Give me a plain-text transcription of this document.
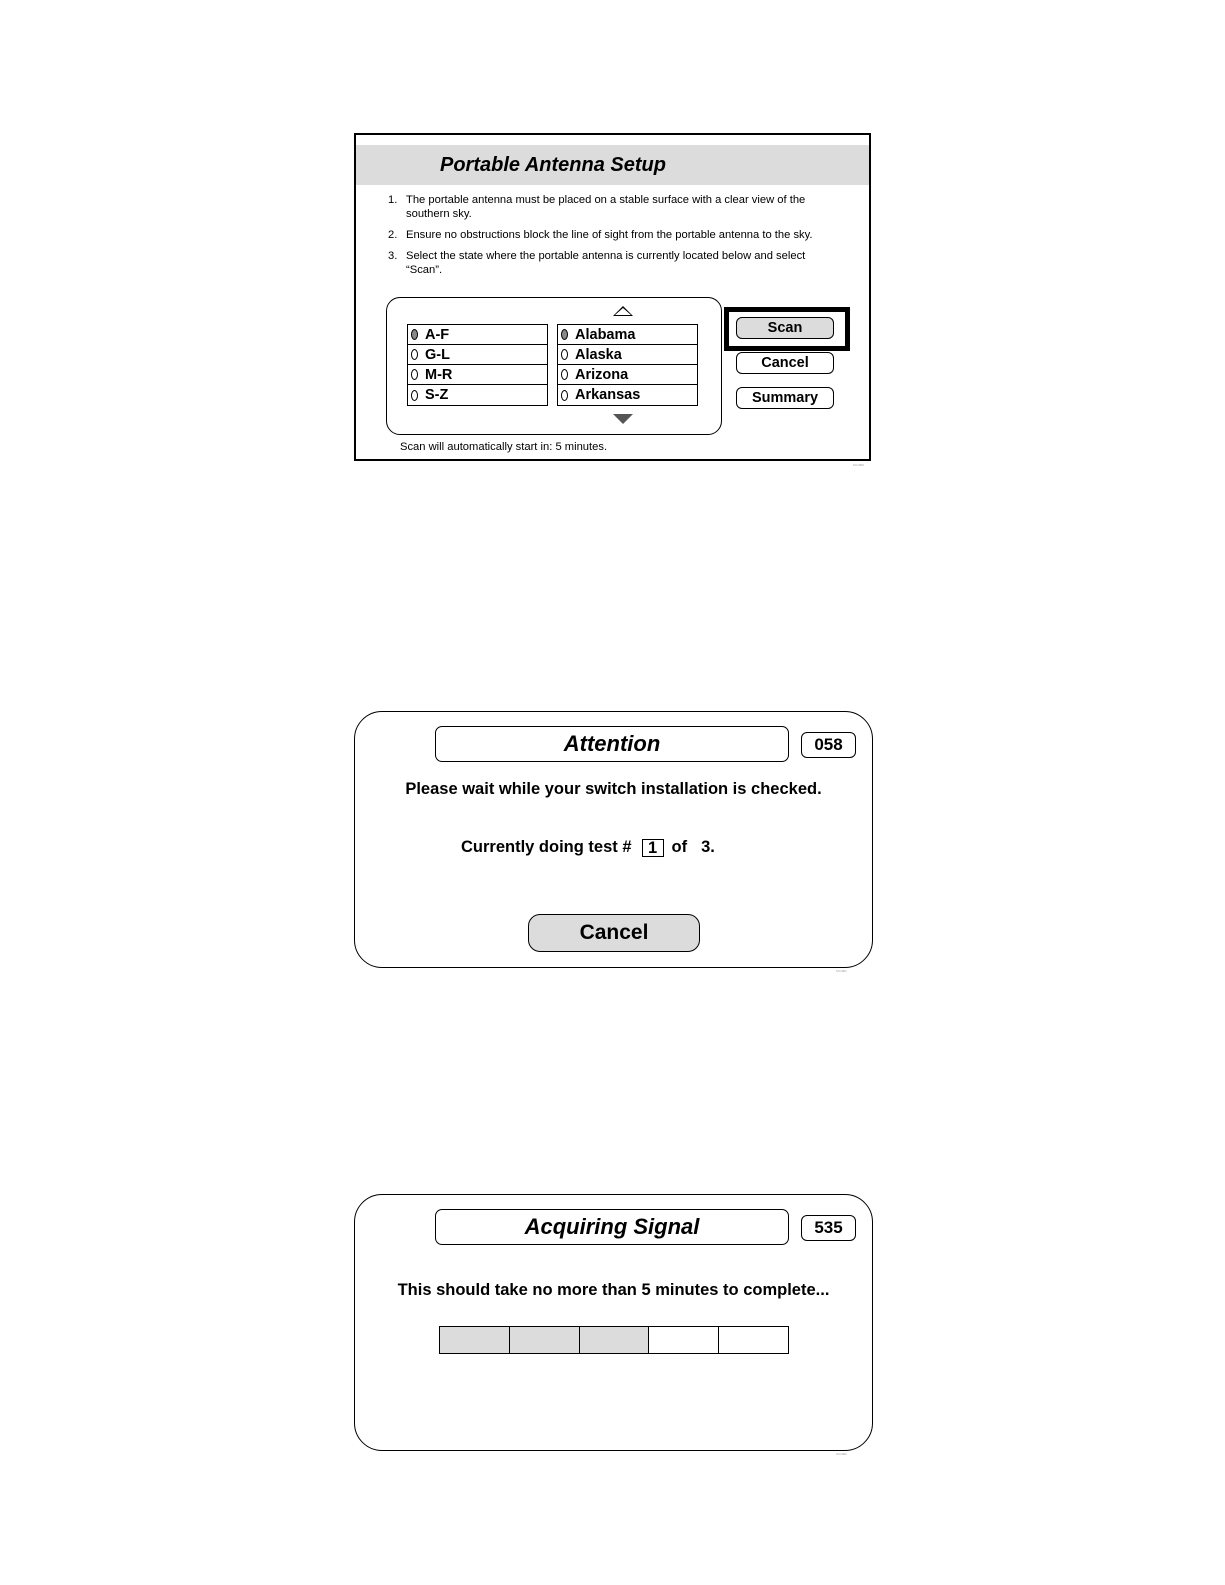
Portable Antenna Setup
1. The portable antenna must be placed on a stable surface with a clear view of the southern sky.
2. Ensure no obstructions block the line of sight from the portable antenna to the sky.
3. Select the state where the portable antenna is currently located below and select “Scan”.
A-F
G-L
M-R
S-Z
Alabama
Alaska
Arizona
Arkansas
Scan
Cancel
Summary
Scan will automatically start in: 5 minutes.
KC1900
Attention	058
Please wait while your switch installation is checked.
Currently doing test # 1 of 3.
Cancel
KC1901
Acquiring Signal	535
This should take no more than 5 minutes to complete...
KC1902
